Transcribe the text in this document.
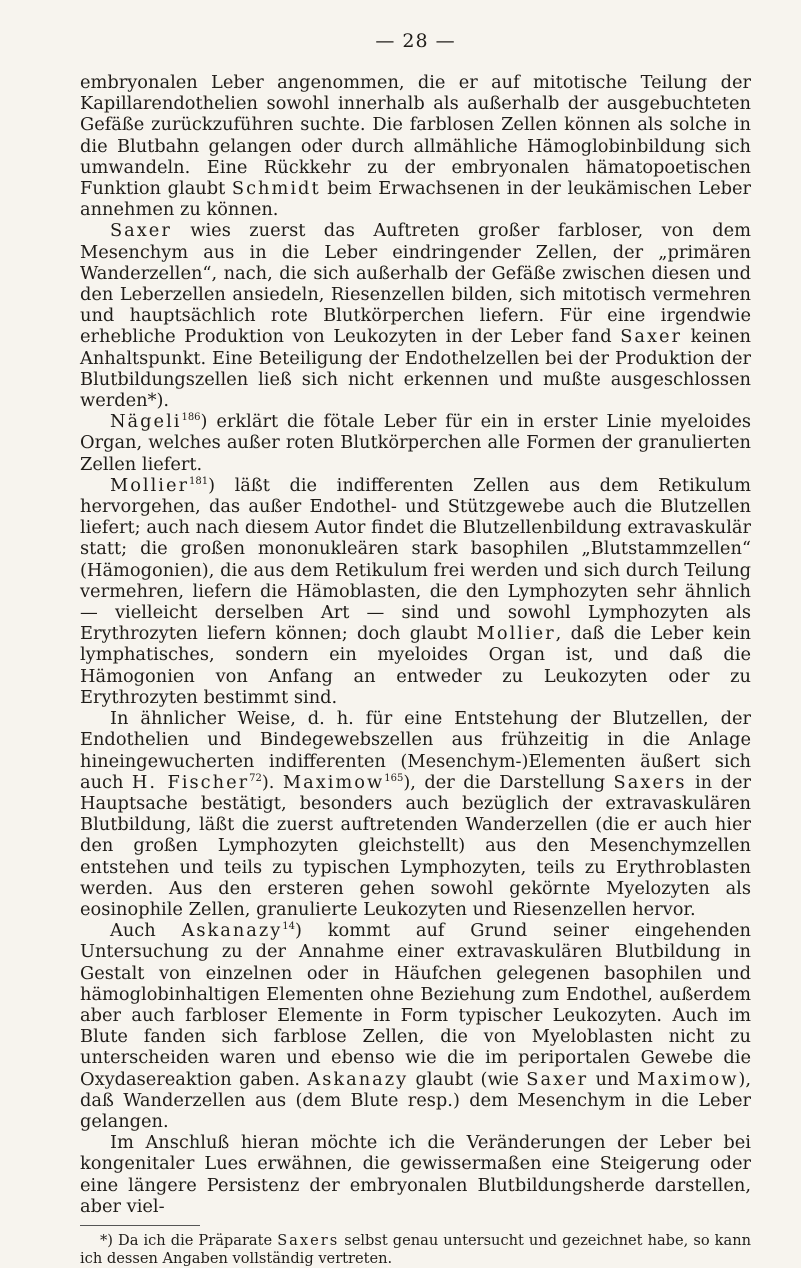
— 28 —

embryonalen Leber angenommen, die er auf mitotische Teilung der Kapillarendothelien sowohl innerhalb als außerhalb der ausgebuchteten Gefäße zurückzuführen suchte. Die farblosen Zellen können als solche in die Blutbahn gelangen oder durch allmähliche Hämoglobinbildung sich umwandeln. Eine Rückkehr zu der embryonalen hämatopoetischen Funktion glaubt Schmidt beim Erwachsenen in der leukämischen Leber annehmen zu können.

Saxer wies zuerst das Auftreten großer farbloser, von dem Mesenchym aus in die Leber eindringender Zellen, der „primären Wanderzellen“, nach, die sich außerhalb der Gefäße zwischen diesen und den Leberzellen ansiedeln, Riesenzellen bilden, sich mitotisch vermehren und hauptsächlich rote Blutkörperchen liefern. Für eine irgendwie erhebliche Produktion von Leukozyten in der Leber fand Saxer keinen Anhaltspunkt. Eine Beteiligung der Endothelzellen bei der Produktion der Blutbildungszellen ließ sich nicht erkennen und mußte ausgeschlossen werden*).

Nägeli$^{186}$) erklärt die fötale Leber für ein in erster Linie myeloides Organ, welches außer roten Blutkörperchen alle Formen der granulierten Zellen liefert.

Mollier$^{181}$) läßt die indifferenten Zellen aus dem Retikulum hervorgehen, das außer Endothel- und Stützgewebe auch die Blutzellen liefert; auch nach diesem Autor findet die Blutzellenbildung extravaskulär statt; die großen mononukleären stark basophilen „Blutstammzellen“ (Hämogonien), die aus dem Retikulum frei werden und sich durch Teilung vermehren, liefern die Hämoblasten, die den Lymphozyten sehr ähnlich — vielleicht derselben Art — sind und sowohl Lymphozyten als Erythrozyten liefern können; doch glaubt Mollier, daß die Leber kein lymphatisches, sondern ein myeloides Organ ist, und daß die Hämogonien von Anfang an entweder zu Leukozyten oder zu Erythrozyten bestimmt sind.

In ähnlicher Weise, d. h. für eine Entstehung der Blutzellen, der Endothelien und Bindegewebszellen aus frühzeitig in die Anlage hineingewucherten indifferenten (Mesenchym-)Elementen äußert sich auch H. Fischer$^{72}$). Maximow$^{165}$), der die Darstellung Saxers in der Hauptsache bestätigt, besonders auch bezüglich der extravaskulären Blutbildung, läßt die zuerst auftretenden Wanderzellen (die er auch hier den großen Lymphozyten gleichstellt) aus den Mesenchymzellen entstehen und teils zu typischen Lymphozyten, teils zu Erythroblasten werden. Aus den ersteren gehen sowohl gekörnte Myelozyten als eosinophile Zellen, granulierte Leukozyten und Riesenzellen hervor.

Auch Askanazy$^{14}$) kommt auf Grund seiner eingehenden Untersuchung zu der Annahme einer extravaskulären Blutbildung in Gestalt von einzelnen oder in Häufchen gelegenen basophilen und hämoglobinhaltigen Elementen ohne Beziehung zum Endothel, außerdem aber auch farbloser Elemente in Form typischer Leukozyten. Auch im Blute fanden sich farblose Zellen, die von Myeloblasten nicht zu unterscheiden waren und ebenso wie die im periportalen Gewebe die Oxydasereaktion gaben. Askanazy glaubt (wie Saxer und Maximow), daß Wanderzellen aus (dem Blute resp.) dem Mesenchym in die Leber gelangen.

Im Anschluß hieran möchte ich die Veränderungen der Leber bei kongenitaler Lues erwähnen, die gewissermaßen eine Steigerung oder eine längere Persistenz der embryonalen Blutbildungsherde darstellen, aber viel-

*) Da ich die Präparate Saxers selbst genau untersucht und gezeichnet habe, so kann ich dessen Angaben vollständig vertreten.
